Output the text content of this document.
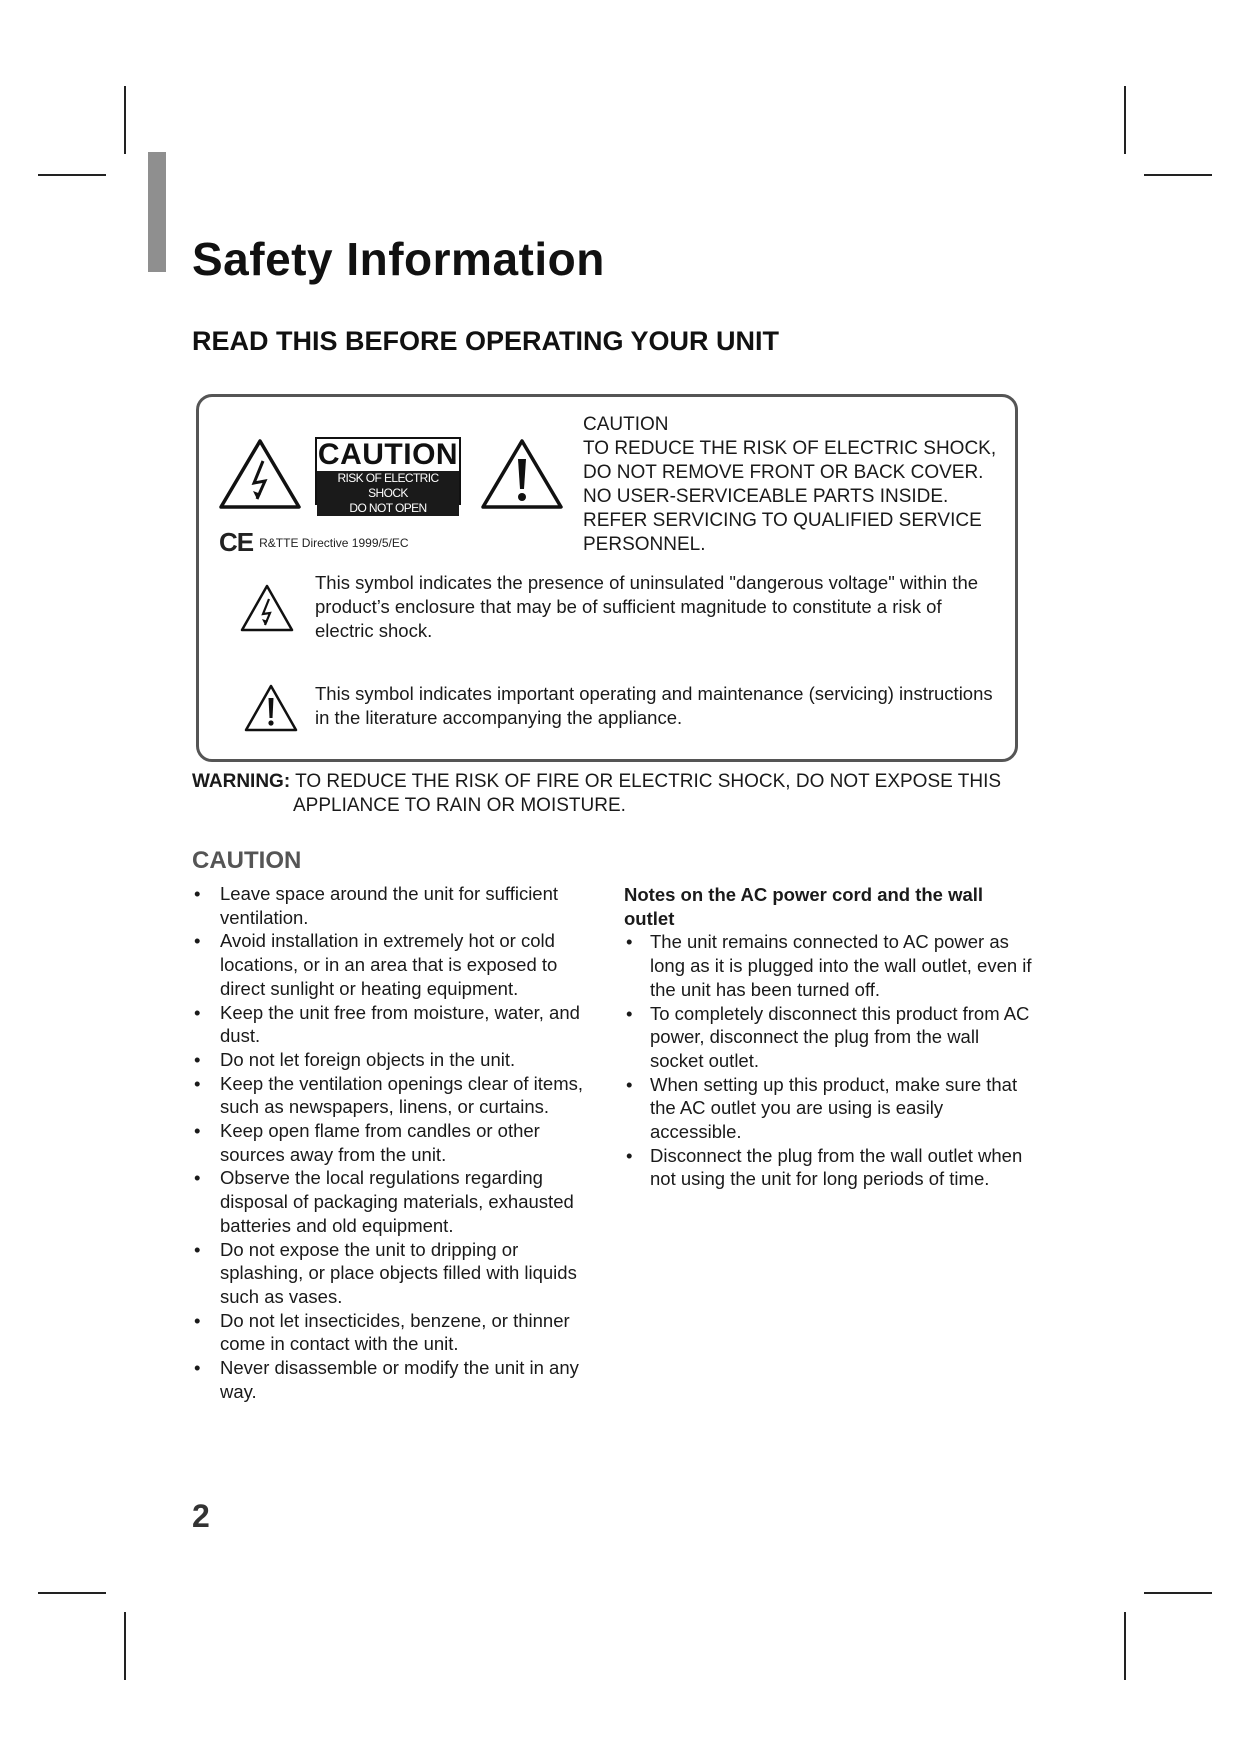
Safety Information
READ THIS BEFORE OPERATING YOUR UNIT
CAUTION
RISK OF ELECTRIC SHOCK
DO NOT OPEN
CE R&TTE Directive 1999/5/EC
CAUTION
TO REDUCE THE RISK OF ELECTRIC SHOCK,
DO NOT REMOVE FRONT OR BACK COVER.
NO USER-SERVICEABLE PARTS INSIDE.
REFER SERVICING TO QUALIFIED SERVICE
PERSONNEL.
This symbol indicates the presence of uninsulated "dangerous voltage" within the product’s enclosure that may be of sufficient magnitude to constitute a risk of electric shock.
This symbol indicates important operating and maintenance (servicing) instructions in the literature accompanying the appliance.
WARNING: TO REDUCE THE RISK OF FIRE OR ELECTRIC SHOCK, DO NOT EXPOSE THIS
APPLIANCE TO RAIN OR MOISTURE.
CAUTION
• Leave space around the unit for sufficient ventilation.
• Avoid installation in extremely hot or cold locations, or in an area that is exposed to direct sunlight or heating equipment.
• Keep the unit free from moisture, water, and dust.
• Do not let foreign objects in the unit.
• Keep the ventilation openings clear of items, such as newspapers, linens, or curtains.
• Keep open flame from candles or other sources away from the unit.
• Observe the local regulations regarding disposal of packaging materials, exhausted batteries and old equipment.
• Do not expose the unit to dripping or splashing, or place objects filled with liquids such as vases.
• Do not let insecticides, benzene, or thinner come in contact with the unit.
• Never disassemble or modify the unit in any way.

Notes on the AC power cord and the wall outlet

• The unit remains connected to AC power as long as it is plugged into the wall outlet, even if the unit has been turned off.
• To completely disconnect this product from AC power, disconnect the plug from the wall socket outlet.
• When setting up this product, make sure that the AC outlet you are using is easily accessible.
• Disconnect the plug from the wall outlet when not using the unit for long periods of time.
2
